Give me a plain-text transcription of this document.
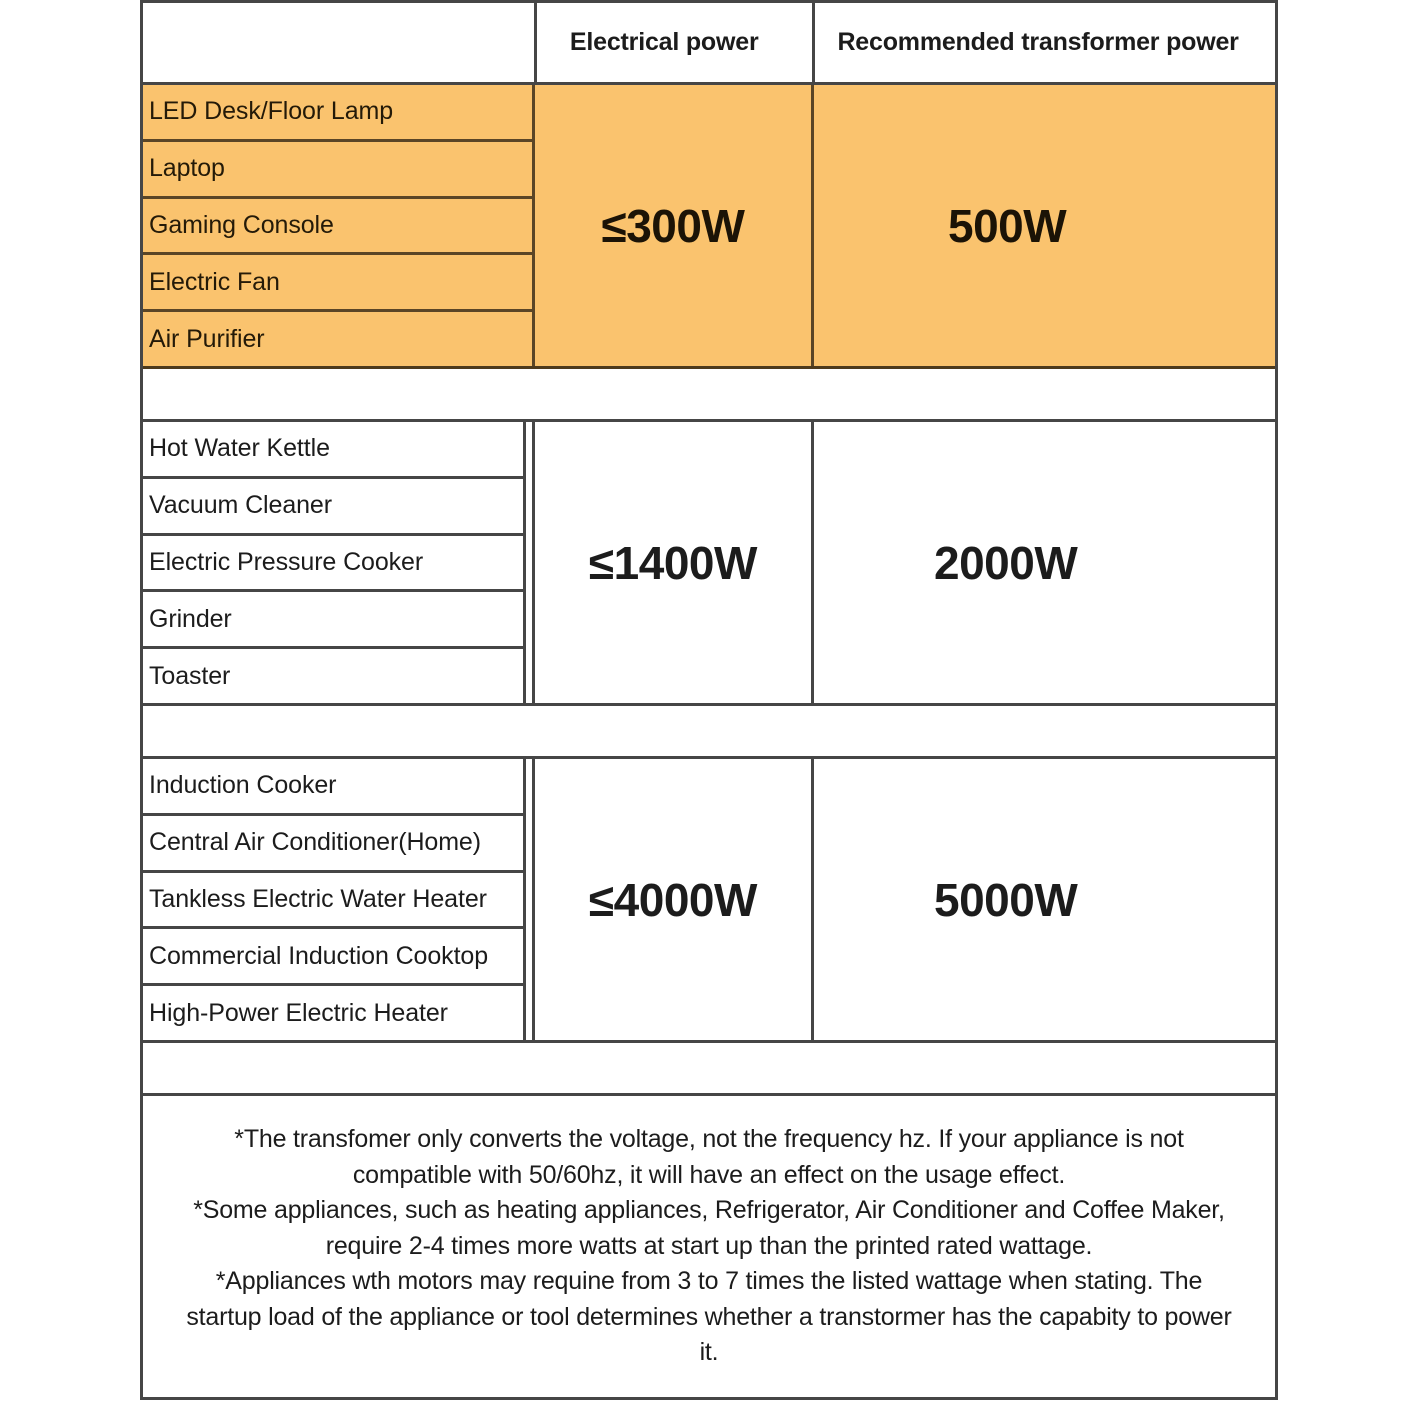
Electrical power	Recommended transformer power
LED Desk/Floor Lamp
Laptop
Gaming Console
Electric Fan
Air Purifier
≤300W	500W
Hot Water Kettle
Vacuum Cleaner
Electric Pressure Cooker
Grinder
Toaster
≤1400W	2000W
Induction Cooker
Central Air Conditioner(Home)
Tankless Electric Water Heater
Commercial Induction Cooktop
High-Power Electric Heater
≤4000W	5000W

*The transfomer only converts the voltage, not the frequency hz. If your appliance is not compatible with 50/60hz, it will have an effect on the usage effect.

*Some appliances, such as heating appliances, Refrigerator, Air Conditioner and Coffee Maker, require 2-4 times more watts at start up than the printed rated wattage.

*Appliances wth motors may requine from 3 to 7 times the listed wattage when stating. The startup load of the appliance or tool determines whether a transtormer has the capabity to power it.
